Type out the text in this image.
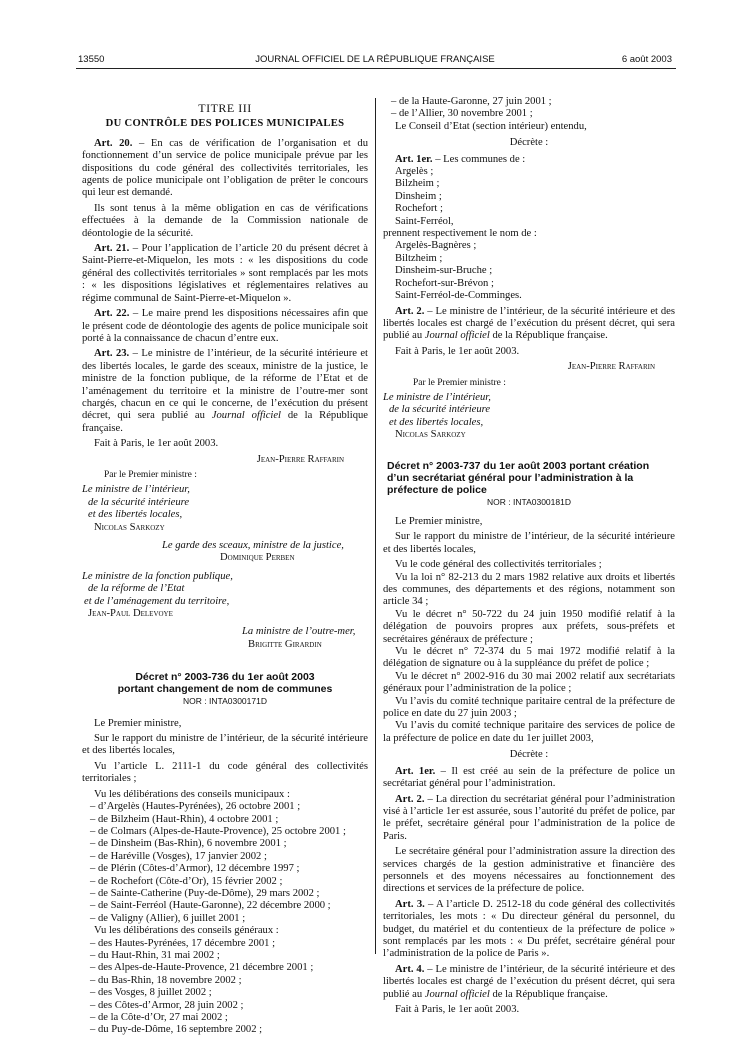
13550	JOURNAL OFFICIEL DE LA RÉPUBLIQUE FRANÇAISE	6 août 2003
TITRE III
DU CONTRÔLE DES POLICES MUNICIPALES

Art. 20. – En cas de vérification de l’organisation et du fonctionnement d’un service de police municipale prévue par les dispositions du code général des collectivités territoriales, les agents de police municipale ont l’obligation de prêter le concours qui leur est demandé.

Ils sont tenus à la même obligation en cas de vérifications effectuées à la demande de la Commission nationale de déontologie de la sécurité.

Art. 21. – Pour l’application de l’article 20 du présent décret à Saint-Pierre-et-Miquelon, les mots : « les dispositions du code général des collectivités territoriales » sont remplacés par les mots : « les dispositions législatives et réglementaires relatives au régime communal de Saint-Pierre-et-Miquelon ».

Art. 22. – Le maire prend les dispositions nécessaires afin que le présent code de déontologie des agents de police municipale soit porté à la connaissance de chacun d’entre eux.

Art. 23. – Le ministre de l’intérieur, de la sécurité intérieure et des libertés locales, le garde des sceaux, ministre de la justice, le ministre de la fonction publique, de la réforme de l’Etat et de l’aménagement du territoire et la ministre de l’outre-mer sont chargés, chacun en ce qui le concerne, de l’exécution du présent décret, qui sera publié au Journal officiel de la République française.

Fait à Paris, le 1er août 2003.

Jean-Pierre Raffarin

Par le Premier ministre :

Le ministre de l’intérieur,

de la sécurité intérieure

et des libertés locales,

Nicolas Sarkozy

Le garde des sceaux, ministre de la justice,

Dominique Perben

Le ministre de la fonction publique,

de la réforme de l’Etat

et de l’aménagement du territoire,

Jean-Paul Delevoye

La ministre de l’outre-mer,

Brigitte Girardin

Décret n° 2003-736 du 1er août 2003
portant changement de nom de communes
NOR : INTA0300171D

Le Premier ministre,

Sur le rapport du ministre de l’intérieur, de la sécurité intérieure et des libertés locales,

Vu l’article L. 2111-1 du code général des collectivités territoriales ;

Vu les délibérations des conseils municipaux :

– d’Argelès (Hautes-Pyrénées), 26 octobre 2001 ;

– de Bilzheim (Haut-Rhin), 4 octobre 2001 ;

– de Colmars (Alpes-de-Haute-Provence), 25 octobre 2001 ;

– de Dinsheim (Bas-Rhin), 6 novembre 2001 ;

– de Haréville (Vosges), 17 janvier 2002 ;

– de Plérin (Côtes-d’Armor), 12 décembre 1997 ;

– de Rochefort (Côte-d’Or), 15 février 2002 ;

– de Sainte-Catherine (Puy-de-Dôme), 29 mars 2002 ;

– de Saint-Ferréol (Haute-Garonne), 22 décembre 2000 ;

– de Valigny (Allier), 6 juillet 2001 ;

Vu les délibérations des conseils généraux :

– des Hautes-Pyrénées, 17 décembre 2001 ;

– du Haut-Rhin, 31 mai 2002 ;

– des Alpes-de-Haute-Provence, 21 décembre 2001 ;

– du Bas-Rhin, 18 novembre 2002 ;

– des Vosges, 8 juillet 2002 ;

– des Côtes-d’Armor, 28 juin 2002 ;

– de la Côte-d’Or, 27 mai 2002 ;

– du Puy-de-Dôme, 16 septembre 2002 ;

– de la Haute-Garonne, 27 juin 2001 ;

– de l’Allier, 30 novembre 2001 ;

Le Conseil d’Etat (section intérieur) entendu,

Décrète :

Art. 1er. – Les communes de :

Argelès ;

Bilzheim ;

Dinsheim ;

Rochefort ;

Saint-Ferréol,

prennent respectivement le nom de :

Argelès-Bagnères ;

Biltzheim ;

Dinsheim-sur-Bruche ;

Rochefort-sur-Brévon ;

Saint-Ferréol-de-Comminges.

Art. 2. – Le ministre de l’intérieur, de la sécurité intérieure et des libertés locales est chargé de l’exécution du présent décret, qui sera publié au Journal officiel de la République française.

Fait à Paris, le 1er août 2003.

Jean-Pierre Raffarin

Par le Premier ministre :

Le ministre de l’intérieur,

de la sécurité intérieure

et des libertés locales,

Nicolas Sarkozy

Décret n° 2003-737 du 1er août 2003 portant création d’un secrétariat général pour l’administration à la préfecture de police
NOR : INTA0300181D

Le Premier ministre,

Sur le rapport du ministre de l’intérieur, de la sécurité intérieure et des libertés locales,

Vu le code général des collectivités territoriales ;

Vu la loi n° 82-213 du 2 mars 1982 relative aux droits et libertés des communes, des départements et des régions, notamment son article 34 ;

Vu le décret n° 50-722 du 24 juin 1950 modifié relatif à la délégation de pouvoirs propres aux préfets, sous-préfets et secrétaires généraux de préfecture ;

Vu le décret n° 72-374 du 5 mai 1972 modifié relatif à la délégation de signature ou à la suppléance du préfet de police ;

Vu le décret n° 2002-916 du 30 mai 2002 relatif aux secrétariats généraux pour l’administration de la police ;

Vu l’avis du comité technique paritaire central de la préfecture de police en date du 27 juin 2003 ;

Vu l’avis du comité technique paritaire des services de police de la préfecture de police en date du 1er juillet 2003,

Décrète :

Art. 1er. – Il est créé au sein de la préfecture de police un secrétariat général pour l’administration.

Art. 2. – La direction du secrétariat général pour l’administration visé à l’article 1er est assurée, sous l’autorité du préfet de police, par le préfet, secrétaire général pour l’administration de la police de Paris.

Le secrétaire général pour l’administration assure la direction des services chargés de la gestion administrative et financière des personnels et des moyens nécessaires au fonctionnement des directions et services de la préfecture de police.

Art. 3. – A l’article D. 2512-18 du code général des collectivités territoriales, les mots : « Du directeur général du personnel, du budget, du matériel et du contentieux de la préfecture de police » sont remplacés par les mots : « Du préfet, secrétaire général pour l’administration de la police de Paris ».

Art. 4. – Le ministre de l’intérieur, de la sécurité intérieure et des libertés locales est chargé de l’exécution du présent décret, qui sera publié au Journal officiel de la République française.

Fait à Paris, le 1er août 2003.
